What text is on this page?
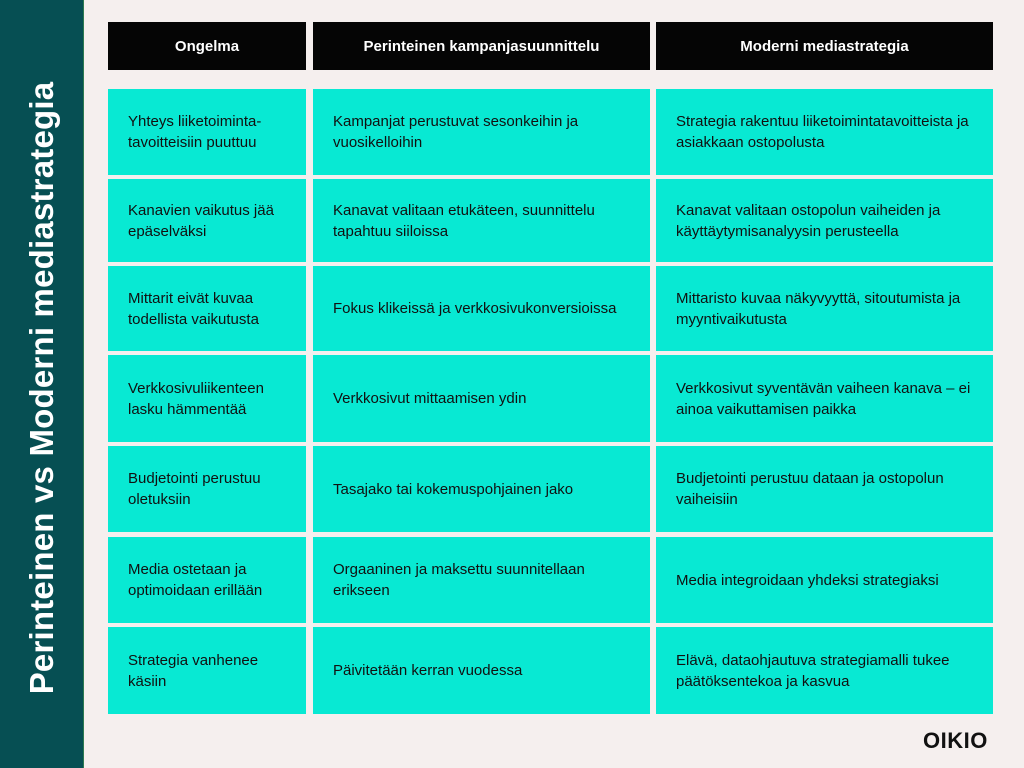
Perinteinen vs Moderni mediastrategia
Ongelma	Perinteinen kampanjasuunnittelu	Moderni mediastrategia
Yhteys liiketoiminta-tavoitteisiin puuttuu
Kampanjat perustuvat sesonkeihin ja vuosikelloihin
Strategia rakentuu liiketoimintatavoitteista ja asiakkaan ostopolusta
Kanavien vaikutus jää epäselväksi
Kanavat valitaan etukäteen, suunnittelu tapahtuu siiloissa
Kanavat valitaan ostopolun vaiheiden ja käyttäytymisanalyysin perusteella
Mittarit eivät kuvaa todellista vaikutusta
Fokus klikeissä ja verkkosivukonversioissa
Mittaristo kuvaa näkyvyyttä, sitoutumista ja myyntivaikutusta
Verkkosivuliikenteen lasku hämmentää
Verkkosivut mittaamisen ydin
Verkkosivut syventävän vaiheen kanava – ei ainoa vaikuttamisen paikka
Budjetointi perustuu oletuksiin
Tasajako tai kokemuspohjainen jako
Budjetointi perustuu dataan ja ostopolun vaiheisiin
Media ostetaan ja optimoidaan erillään
Orgaaninen ja maksettu suunnitellaan erikseen
Media integroidaan yhdeksi strategiaksi
Strategia vanhenee käsiin
Päivitetään kerran vuodessa
Elävä, dataohjautuva strategiamalli tukee päätöksentekoa ja kasvua
OIKIO
